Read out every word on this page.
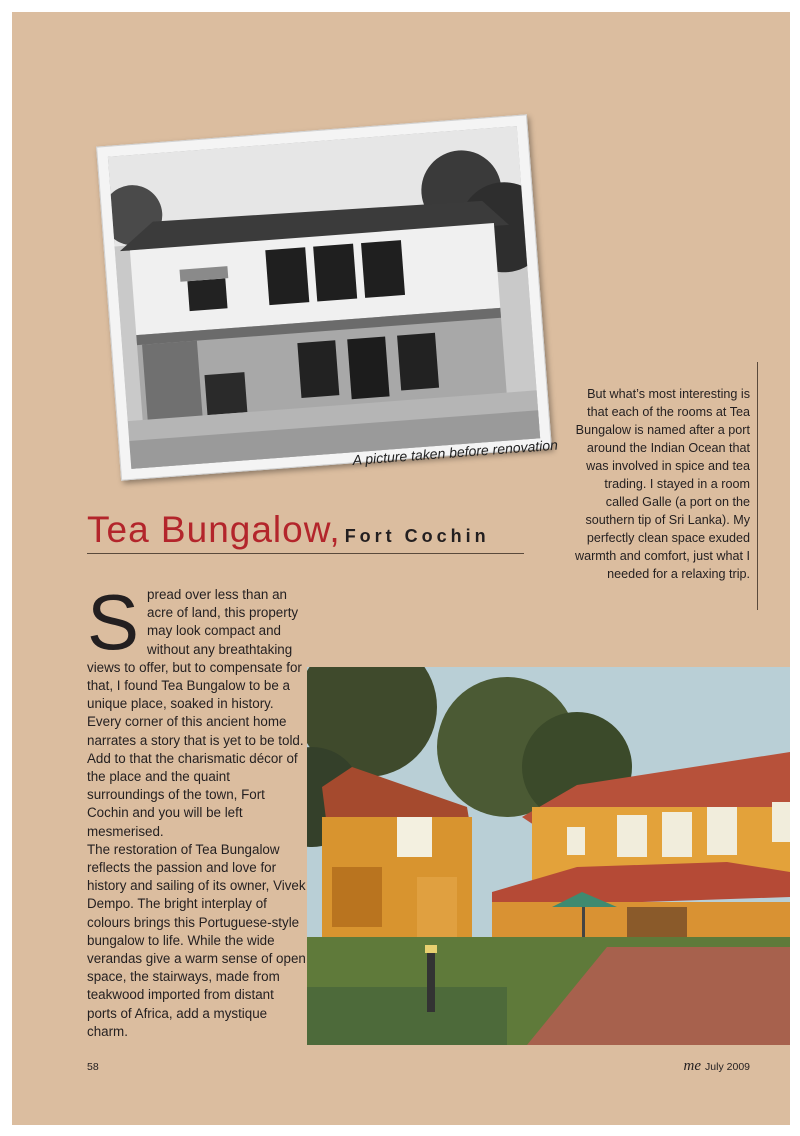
A picture taken before renovation
But what’s most interesting is that each of the rooms at Tea Bungalow is named after a port around the Indian Ocean that was involved in spice and tea trading. I stayed in a room called Galle (a port on the southern tip of Sri Lanka). My perfectly clean space exuded warmth and comfort, just what I needed for a relaxing trip.
Tea Bungalow, Fort Cochin
S pread over less than an acre of land, this property may look compact and without any breathtaking views to offer, but to compensate for that, I found Tea Bungalow to be a unique place, soaked in history. Every corner of this ancient home narrates a story that is yet to be told. Add to that the charismatic décor of the place and the quaint surroundings of the town, Fort Cochin and you will be left mesmerised.
The restoration of Tea Bungalow reflects the passion and love for history and sailing of its owner, Vivek Dempo. The bright interplay of colours brings this Portuguese-style bungalow to life. While the wide verandas give a warm sense of open space, the stairways, made from teakwood imported from distant ports of Africa, add a mystique charm.
58	me July 2009
